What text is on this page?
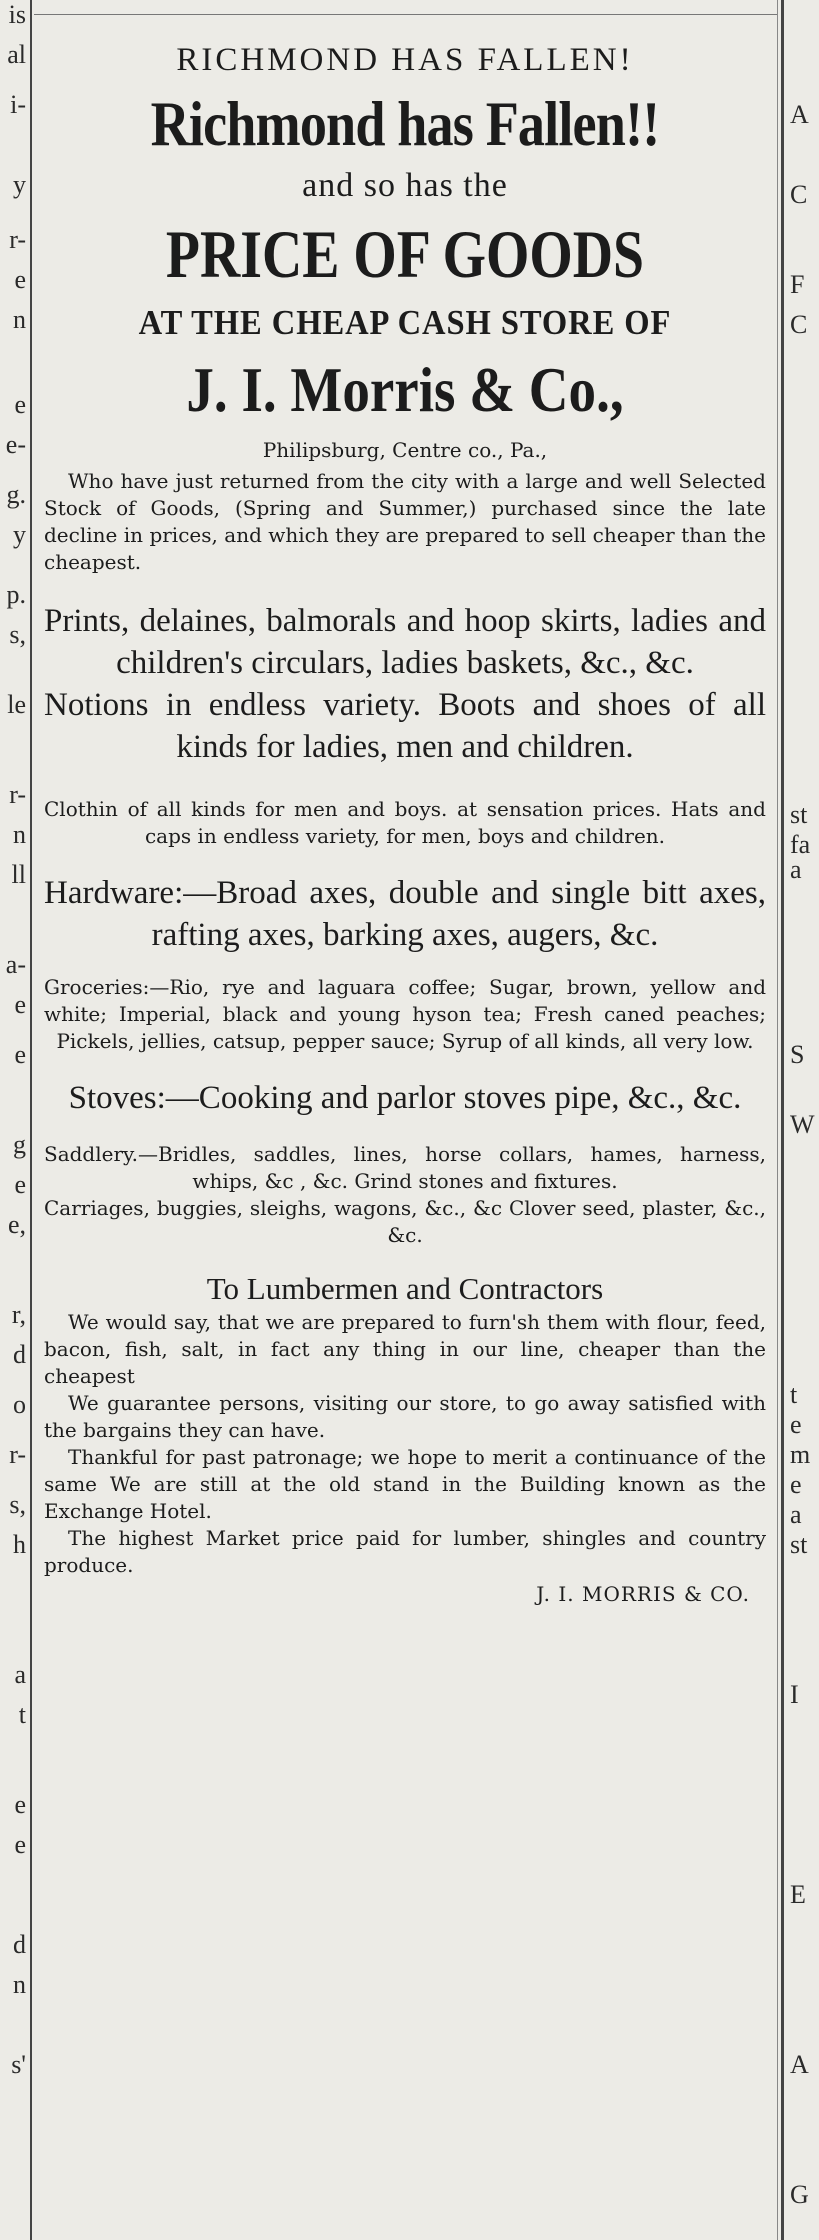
is
al
i-
y
r-
e
n
e
e-
g.
y
p.
s,
le
r-
n
ll
a-
e
e
g
e
e,
r,
d
o
r-
s,
h
a
t
e
e
d
n
s'
A
C
F
C
st
fa
a
S
W
t
e
m
e
a
st
I
E
A
G

RICHMOND HAS FALLEN!

Richmond has Fallen!!

and so has the

PRICE OF GOODS

AT THE CHEAP CASH STORE OF

J. I. Morris & Co.,

Philipsburg, Centre co., Pa.,

Who have just returned from the city with a large and well Selected Stock of Goods, (Spring and Summer,) purchased since the late decline in prices, and which they are prepared to sell cheaper than the cheapest.

Prints, delaines, balmorals and hoop skirts, ladies and children's circulars, ladies baskets, &c., &c.

Notions in endless variety. Boots and shoes of all kinds for ladies, men and children.

Clothin of all kinds for men and boys. at sensation prices. Hats and caps in endless variety, for men, boys and children.

Hardware:—Broad axes, double and single bitt axes, rafting axes, barking axes, augers, &c.

Groceries:—Rio, rye and laguara coffee; Sugar, brown, yellow and white; Imperial, black and young hyson tea; Fresh caned peaches; Pickels, jellies, catsup, pepper sauce; Syrup of all kinds, all very low.

Stoves:—Cooking and parlor stoves pipe, &c., &c.

Saddlery.—Bridles, saddles, lines, horse collars, hames, harness, whips, &c , &c. Grind stones and fixtures.

Carriages, buggies, sleighs, wagons, &c., &c Clover seed, plaster, &c., &c.

To Lumbermen and Contractors

We would say, that we are prepared to furn'sh them with flour, feed, bacon, fish, salt, in fact any thing in our line, cheaper than the cheapest

We guarantee persons, visiting our store, to go away satisfied with the bargains they can have.

Thankful for past patronage; we hope to merit a continuance of the same We are still at the old stand in the Building known as the Exchange Hotel.

The highest Market price paid for lumber, shingles and country produce.

J. I. MORRIS & CO.
